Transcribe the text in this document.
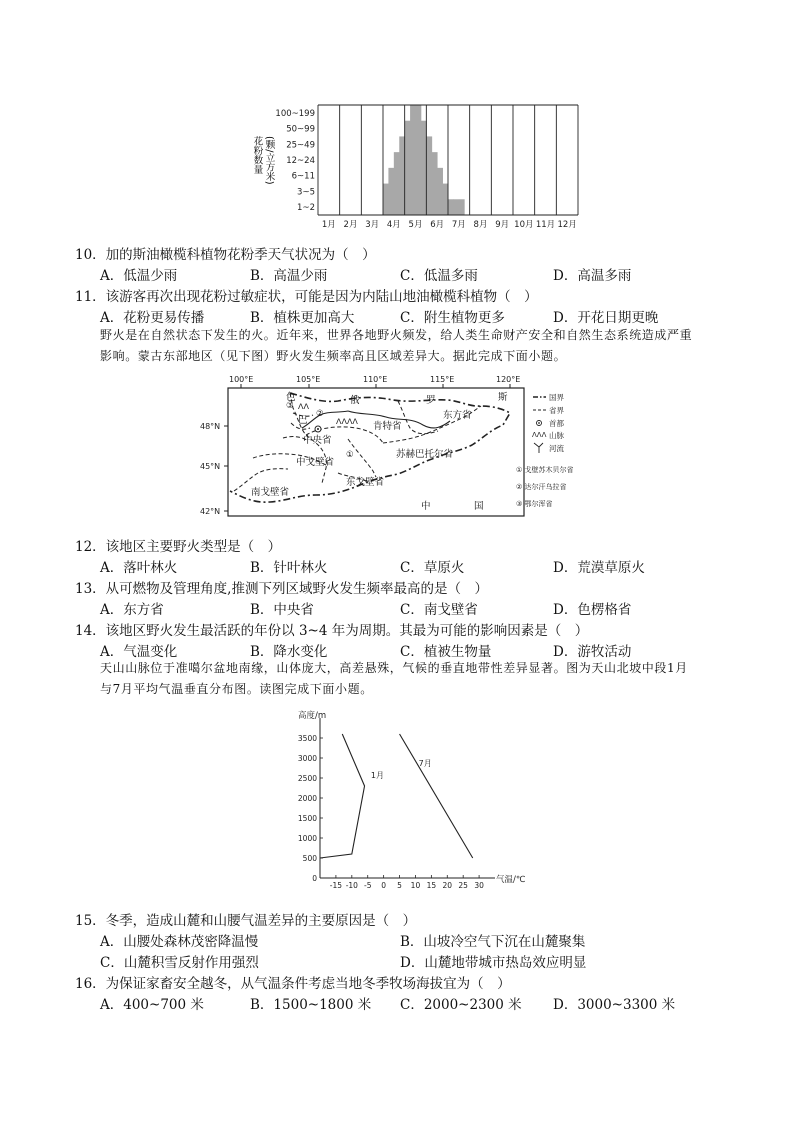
花粉数量 (颗/立方米)
1~2
3~5
6~11
12~24
25~49
50~99
100~199
1月 2月 3月 4月 5月 6月 7月 8月 9月 10月 11月 12月
10．加的斯油橄榄科植物花粉季天气状况为（　）
A．低温少雨	B．高温少雨	C．低温多雨	D．高温多雨
11．该游客再次出现花粉过敏症状，可能是因为内陆山地油橄榄科植物（　）
A．花粉更易传播	B．植株更加高大	C．附生植物更多	D．开花日期更晚
野火是在自然状态下发生的火。近年来，世界各地野火频发，给人类生命财产安全和自然生态系统造成严重影响。蒙古东部地区（见下图）野火发生频率高且区域差异大。据此完成下面小题。
100°E	105°E	110°E	115°E	120°E
48°N
45°N
42°N
ᐱᐱᐱᐱ
ᐱᐱ
色	俄	罗	斯
巴	东方省
肯特省
中央省
中戈壁省
苏赫巴托尔省
东戈壁省
南戈壁省
中	国
③
②
①
国界
省界
首都
ᐱᐱᐱ 山脉
河流
① 戈壁苏木贝尔省
② 达尔汗乌拉省
③ 鄂尔浑省
12．该地区主要野火类型是（　）
A．落叶林火	B．针叶林火	C．草原火	D．荒漠草原火
13．从可燃物及管理角度,推测下列区域野火发生频率最高的是（　）
A．东方省	B．中央省	C．南戈壁省	D．色楞格省
14．该地区野火发生最活跃的年份以 3~4 年为周期。其最为可能的影响因素是（　）
A．气温变化	B．降水变化	C．植被生物量	D．游牧活动
天山山脉位于准噶尔盆地南缘，山体庞大，高差悬殊，气候的垂直地带性差异显著。图为天山北坡中段1月与7月平均气温垂直分布图。读图完成下面小题。
高度/m
气温/℃
0
500
1000
1500
2000
2500
3000
3500
-15 -10 -5 0 5 10 15 20 25 30
1月
7月
15．冬季，造成山麓和山腰气温差异的主要原因是（　）
A．山腰处森林茂密降温慢	B．山坡冷空气下沉在山麓聚集
C．山麓积雪反射作用强烈	D．山麓地带城市热岛效应明显
16．为保证家畜安全越冬，从气温条件考虑当地冬季牧场海拔宜为（　）
A．400~700 米	B．1500~1800 米 C．2000~2300 米 D．3000~3300 米
